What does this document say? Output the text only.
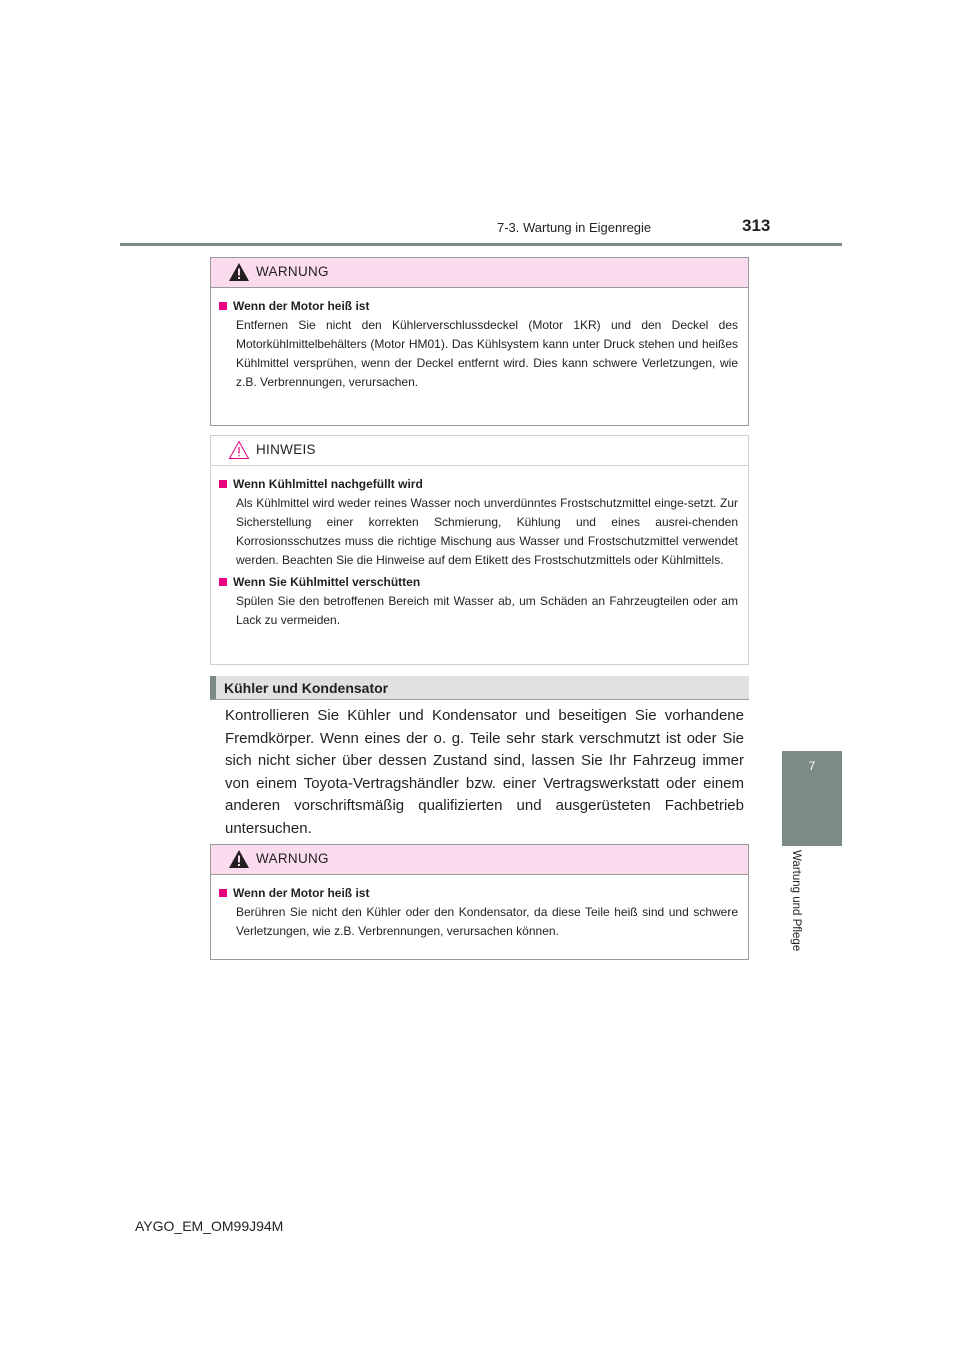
7-3. Wartung in Eigenregie	313
7
Wartung und Pflege
WARNUNG
Wenn der Motor heiß ist
Entfernen Sie nicht den Kühlerverschlussdeckel (Motor 1KR) und den Deckel des Motorkühlmittelbehälters (Motor HM01). Das Kühlsystem kann unter Druck stehen und heißes Kühlmittel versprühen, wenn der Deckel entfernt wird. Dies kann schwere Verletzungen, wie z.B. Verbrennungen, verursachen.
HINWEIS
Wenn Kühlmittel nachgefüllt wird
Als Kühlmittel wird weder reines Wasser noch unverdünntes Frostschutzmittel einge-setzt. Zur Sicherstellung einer korrekten Schmierung, Kühlung und eines ausrei-chenden Korrosionsschutzes muss die richtige Mischung aus Wasser und Frostschutzmittel verwendet werden. Beachten Sie die Hinweise auf dem Etikett des Frostschutzmittels oder Kühlmittels.
Wenn Sie Kühlmittel verschütten
Spülen Sie den betroffenen Bereich mit Wasser ab, um Schäden an Fahrzeugteilen oder am Lack zu vermeiden.
Kühler und Kondensator
Kontrollieren Sie Kühler und Kondensator und beseitigen Sie vorhandene Fremdkörper. Wenn eines der o. g. Teile sehr stark verschmutzt ist oder Sie sich nicht sicher über dessen Zustand sind, lassen Sie Ihr Fahrzeug immer von einem Toyota-Vertragshändler bzw. einer Vertragswerkstatt oder einem anderen vorschriftsmäßig qualifizierten und ausgerüsteten Fachbetrieb untersuchen.
WARNUNG
Wenn der Motor heiß ist
Berühren Sie nicht den Kühler oder den Kondensator, da diese Teile heiß sind und schwere Verletzungen, wie z.B. Verbrennungen, verursachen können.
AYGO_EM_OM99J94M
